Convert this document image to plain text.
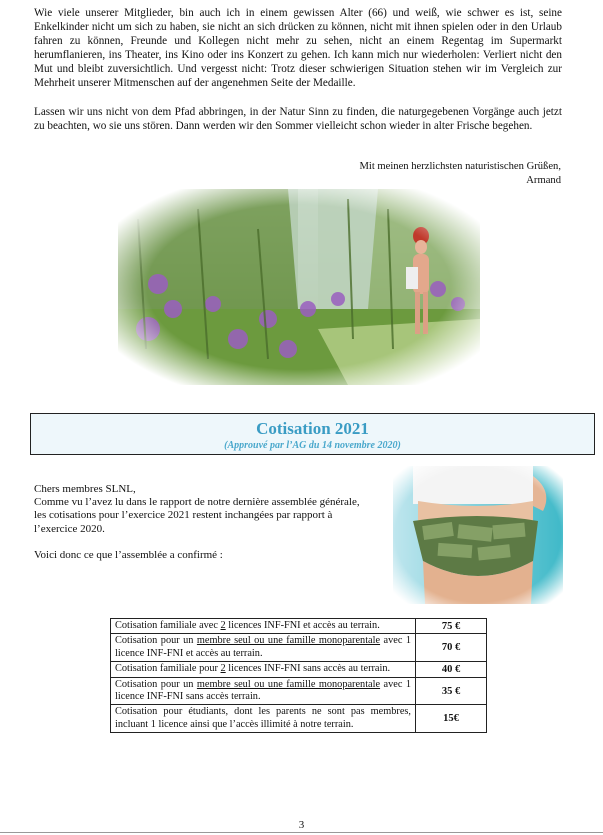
Wie viele unserer Mitglieder, bin auch ich in einem gewissen Alter (66) und weiß, wie schwer es ist, seine Enkelkinder nicht um sich zu haben, sie nicht an sich drücken zu können, nicht mit ihnen spielen oder in den Urlaub fahren zu können, Freunde und Kollegen nicht mehr zu sehen, nicht an einem Regentag im Supermarkt herumflanieren, ins Theater, ins Kino oder ins Konzert zu gehen. Ich kann mich nur wiederholen: Verliert nicht den Mut und bleibt zuversichtlich. Und vergesst nicht: Trotz dieser schwierigen Situation stehen wir im Vergleich zur Mehrheit unserer Mitmenschen auf der angenehmen Seite der Medaille.

Lassen wir uns nicht von dem Pfad abbringen, in der Natur Sinn zu finden, die naturgegebenen Vorgänge auch jetzt zu beachten, wo sie uns stören. Dann werden wir den Sommer vielleicht schon wieder in alter Frische begehen.

Mit meinen herzlichsten naturistischen Grüßen,
Armand
Cotisation 2021
(Approuvé par l’AG du 14 novembre 2020)

Chers membres SLNL,
Comme vu l’avez lu dans le rapport de notre dernière assemblée générale, les cotisations pour l’exercice 2021 restent inchangées par rapport à l’exercice 2020.

Voici donc ce que l’assemblée a confirmé :

Cotisation familiale avec 2 licences INF-FNI et accès au terrain.	75 €
Cotisation pour un membre seul ou une famille monoparentale avec 1 licence INF-FNI et accès au terrain.	70 €
Cotisation familiale pour 2 licences INF-FNI sans accès au terrain.	40 €
Cotisation pour un membre seul ou une famille monoparentale avec 1 licence INF-FNI sans accès terrain.	35 €
Cotisation pour étudiants, dont les parents ne sont pas membres, incluant 1 licence ainsi que l’accès illimité à notre terrain.	15€
3
